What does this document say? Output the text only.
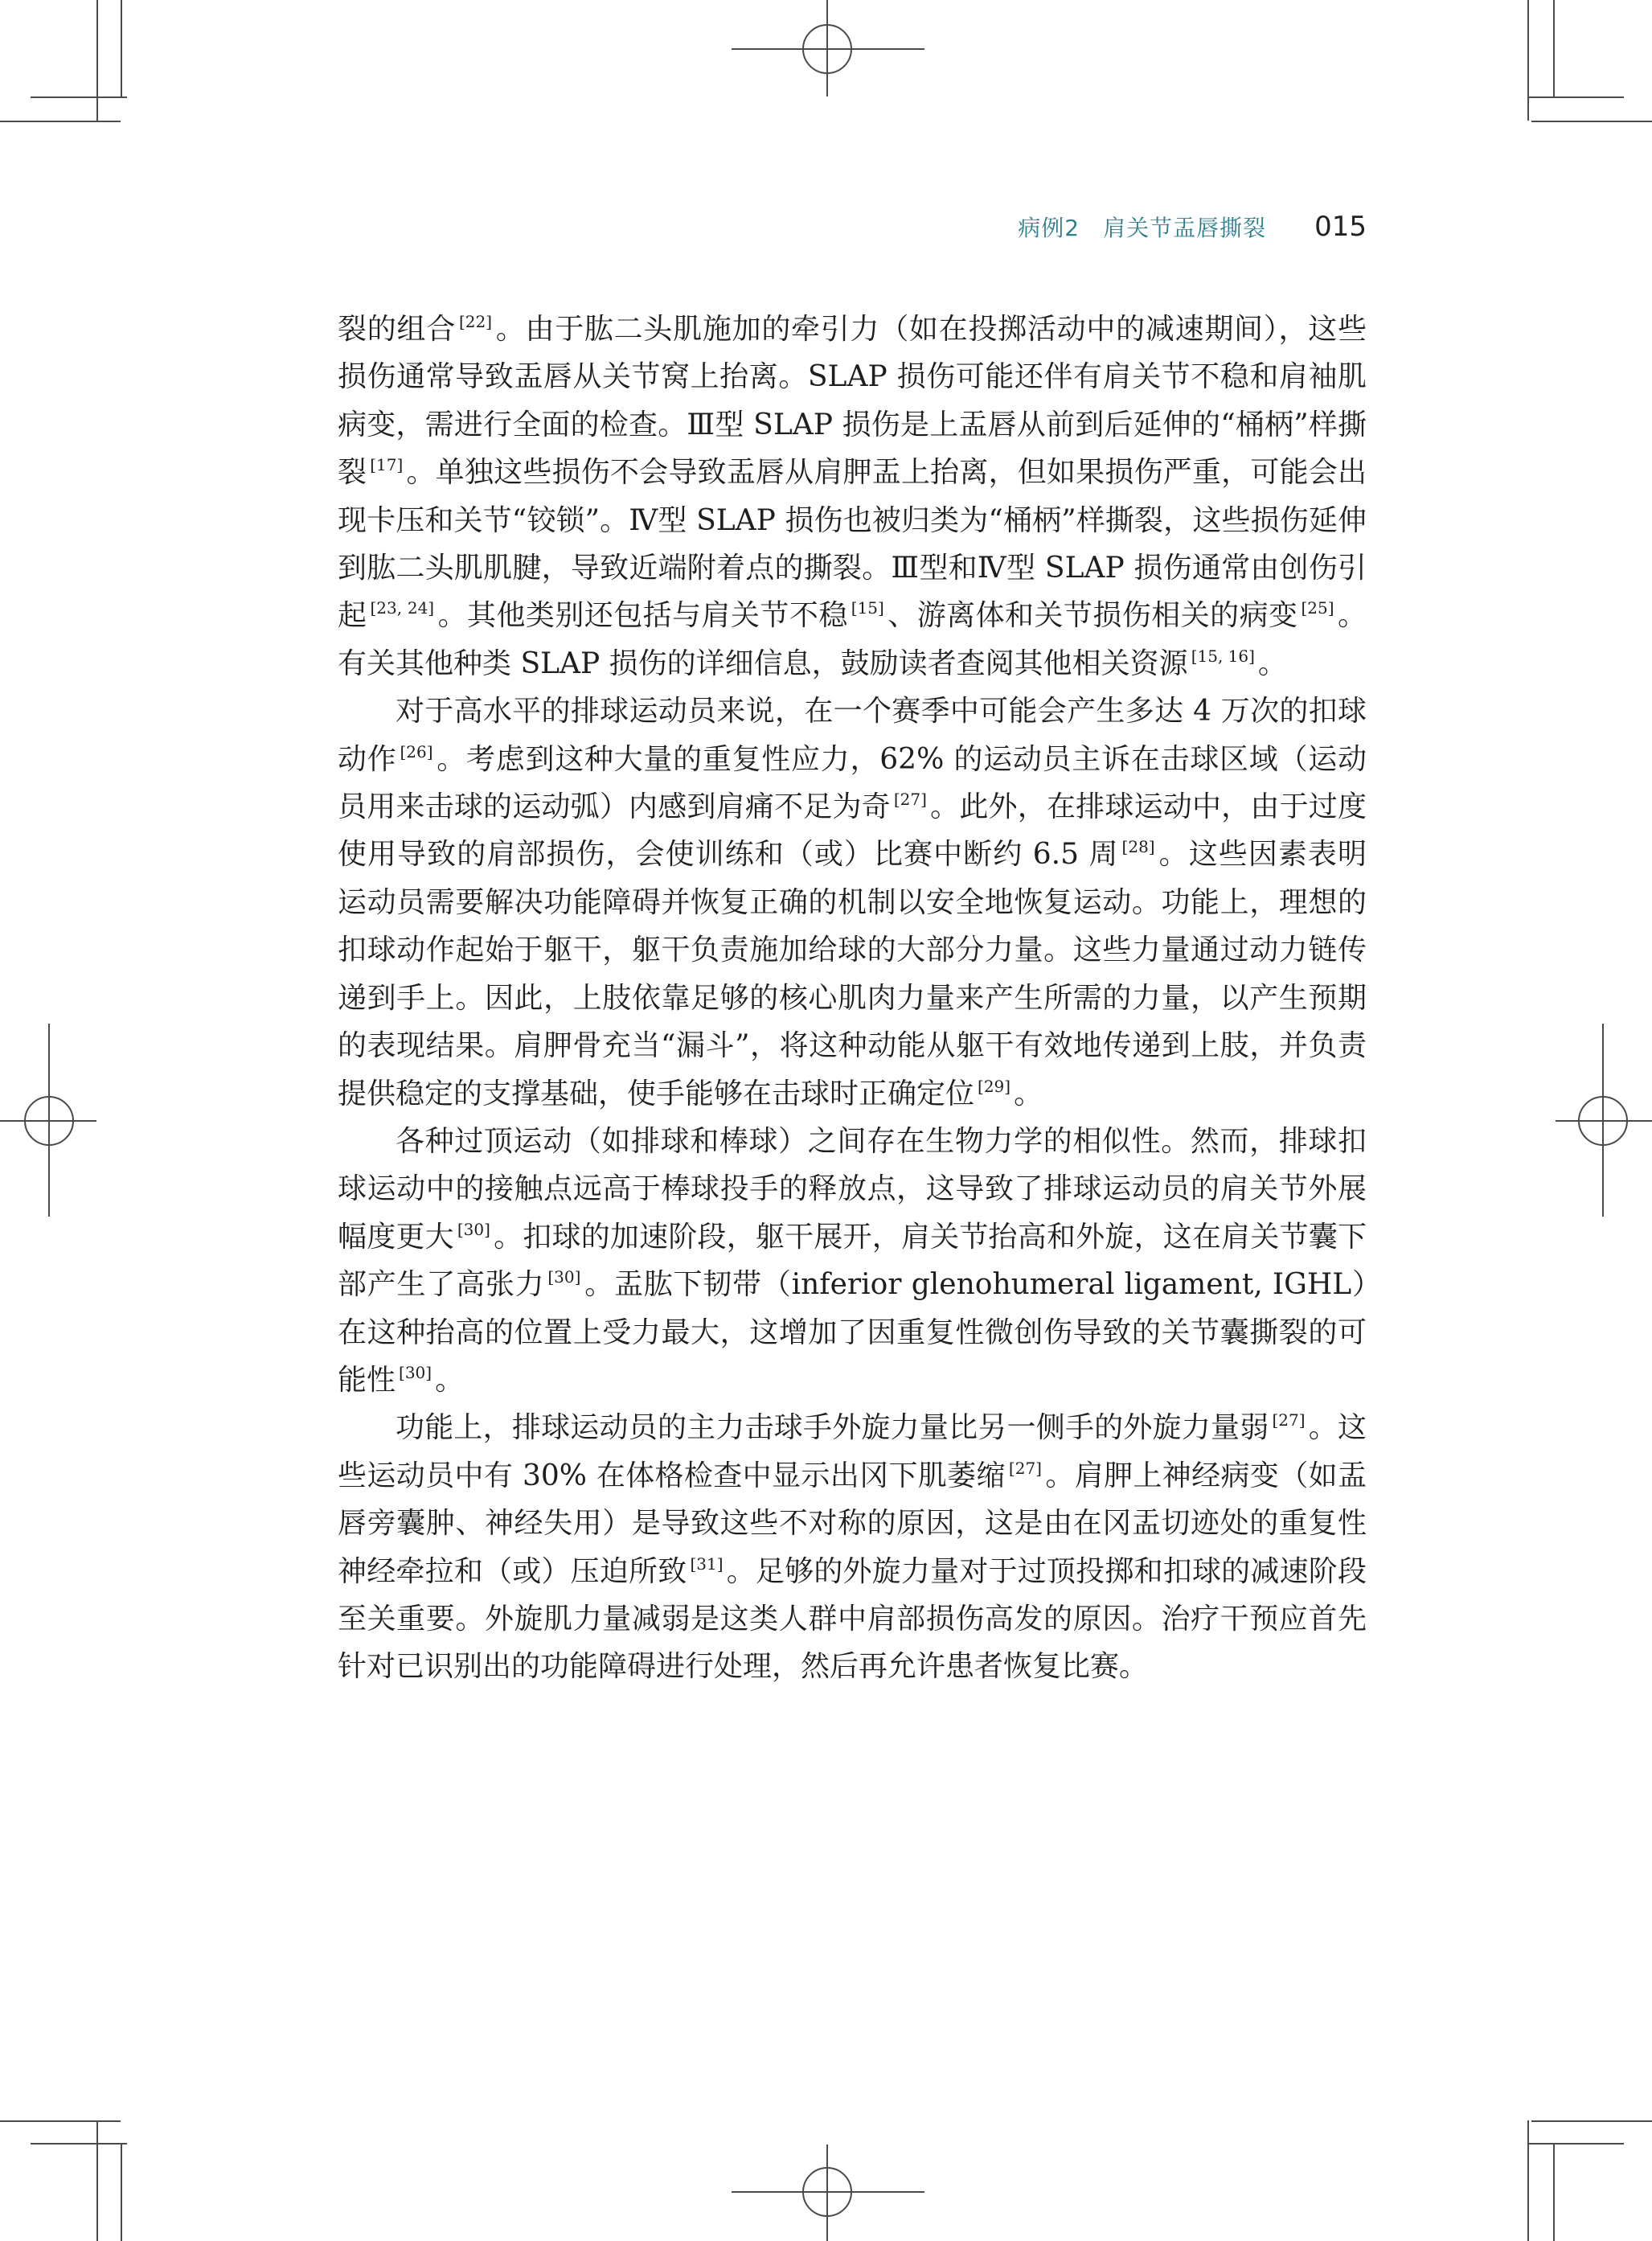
病例2　肩关节盂唇撕裂 015

裂的组合 [22] 。由于肱二头肌施加的牵引力（如在投掷活动中的减速期间），这些损伤通常导致盂唇从关节窝上抬离。SLAP 损伤可能还伴有肩关节不稳和肩袖肌病变，需进行全面的检查。Ⅲ型 SLAP 损伤是上盂唇从前到后延伸的“桶柄”样撕裂 [17] 。单独这些损伤不会导致盂唇从肩胛盂上抬离，但如果损伤严重，可能会出现卡压和关节“铰锁”。Ⅳ型 SLAP 损伤也被归类为“桶柄”样撕裂，这些损伤延伸到肱二头肌肌腱，导致近端附着点的撕裂。Ⅲ型和Ⅳ型 SLAP 损伤通常由创伤引起 [23, 24] 。其他类别还包括与肩关节不稳 [15] 、游离体和关节损伤相关的病变 [25] 。有关其他种类 SLAP 损伤的详细信息，鼓励读者查阅其他相关资源 [15, 16] 。

对于高水平的排球运动员来说，在一个赛季中可能会产生多达 4 万次的扣球动作 [26] 。考虑到这种大量的重复性应力，62% 的运动员主诉在击球区域（运动员用来击球的运动弧）内感到肩痛不足为奇 [27] 。此外，在排球运动中，由于过度使用导致的肩部损伤，会使训练和（或）比赛中断约 6.5 周 [28] 。这些因素表明运动员需要解决功能障碍并恢复正确的机制以安全地恢复运动。功能上，理想的扣球动作起始于躯干，躯干负责施加给球的大部分力量。这些力量通过动力链传递到手上。因此，上肢依靠足够的核心肌肉力量来产生所需的力量，以产生预期的表现结果。肩胛骨充当“漏斗”，将这种动能从躯干有效地传递到上肢，并负责提供稳定的支撑基础，使手能够在击球时正确定位 [29] 。

各种过顶运动（如排球和棒球）之间存在生物力学的相似性。然而，排球扣球运动中的接触点远高于棒球投手的释放点，这导致了排球运动员的肩关节外展幅度更大 [30] 。扣球的加速阶段，躯干展开，肩关节抬高和外旋，这在肩关节囊下部产生了高张力 [30] 。盂肱下韧带（inferior glenohumeral ligament, IGHL）在这种抬高的位置上受力最大，这增加了因重复性微创伤导致的关节囊撕裂的可能性 [30] 。

功能上，排球运动员的主力击球手外旋力量比另一侧手的外旋力量弱 [27] 。这些运动员中有 30% 在体格检查中显示出冈下肌萎缩 [27] 。肩胛上神经病变（如盂唇旁囊肿、神经失用）是导致这些不对称的原因，这是由在冈盂切迹处的重复性神经牵拉和（或）压迫所致 [31] 。足够的外旋力量对于过顶投掷和扣球的减速阶段至关重要。外旋肌力量减弱是这类人群中肩部损伤高发的原因。治疗干预应首先针对已识别出的功能障碍进行处理，然后再允许患者恢复比赛。
